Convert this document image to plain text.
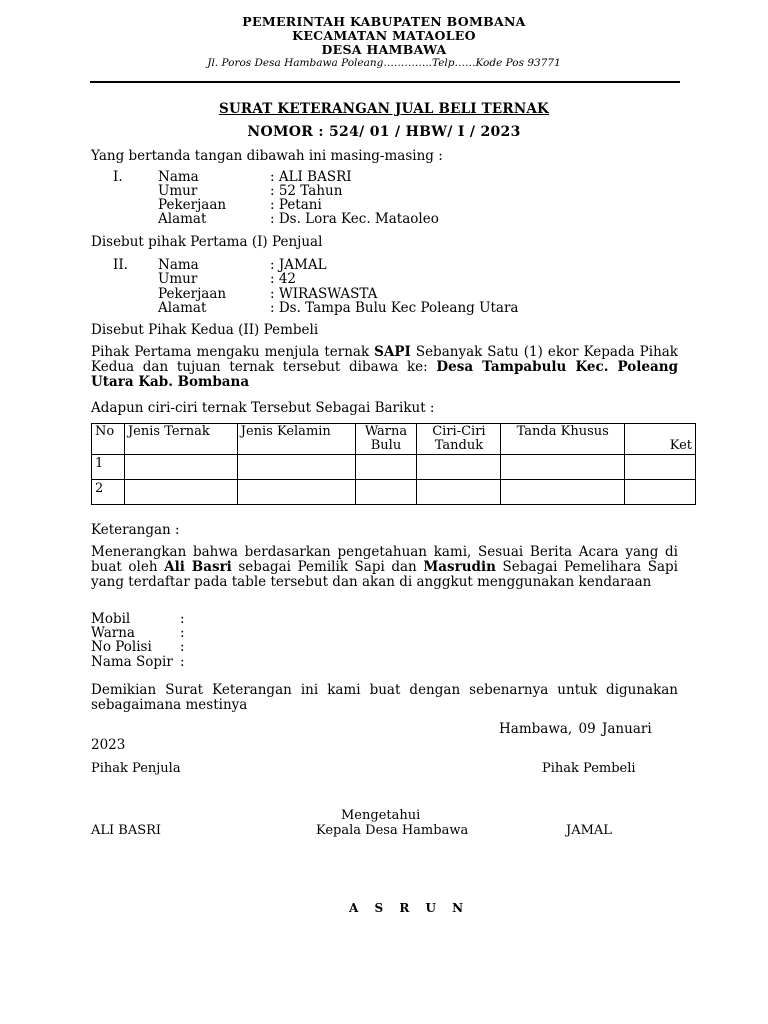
PEMERINTAH KABUPATEN BOMBANA
KECAMATAN MATAOLEO
DESA HAMBAWA
Jl. Poros Desa Hambawa Poleang…………..Telp……Kode Pos 93771
SURAT KETERANGAN JUAL BELI TERNAK
NOMOR : 524/ 01 / HBW/ I / 2023
Yang bertanda tangan dibawah ini masing-masing :
I.	Nama	: ALI BASRI
Umur	: 52 Tahun
Pekerjaan	: Petani
Alamat	: Ds. Lora Kec. Mataoleo
Disebut pihak Pertama (I) Penjual
II. Nama	: JAMAL
Umur	: 42
Pekerjaan	: WIRASWASTA
Alamat	: Ds. Tampa Bulu Kec Poleang Utara
Disebut Pihak Kedua (II) Pembeli
Pihak Pertama mengaku menjula ternak SAPI Sebanyak Satu (1) ekor Kepada Pihak Kedua dan tujuan ternak tersebut dibawa ke: Desa Tampabulu Kec. Poleang Utara Kab. Bombana
Adapun ciri-ciri ternak Tersebut Sebagai Barikut :
No	Jenis Ternak	Jenis Kelamin	Warna Bulu	Ciri-Ciri Tanduk	Tanda Khusus	Ket
1						
2						
Keterangan :
Menerangkan bahwa berdasarkan pengetahuan kami, Sesuai Berita Acara yang di buat oleh Ali Basri sebagai Pemilik Sapi dan Masrudin Sebagai Pemelihara Sapi yang terdaftar pada table tersebut dan akan di anggkut menggunakan kendaraan
Mobil	:
Warna	:
No Polisi :
Nama Sopir :
Demikian Surat Keterangan ini kami buat dengan sebenarnya untuk digunakan sebagaimana mestinya
Hambawa, 09 Januari
2023
Pihak Penjula	Pihak Pembeli
Mengetahui
ALI BASRI	Kepala Desa Hambawa	JAMAL
A S R U N
